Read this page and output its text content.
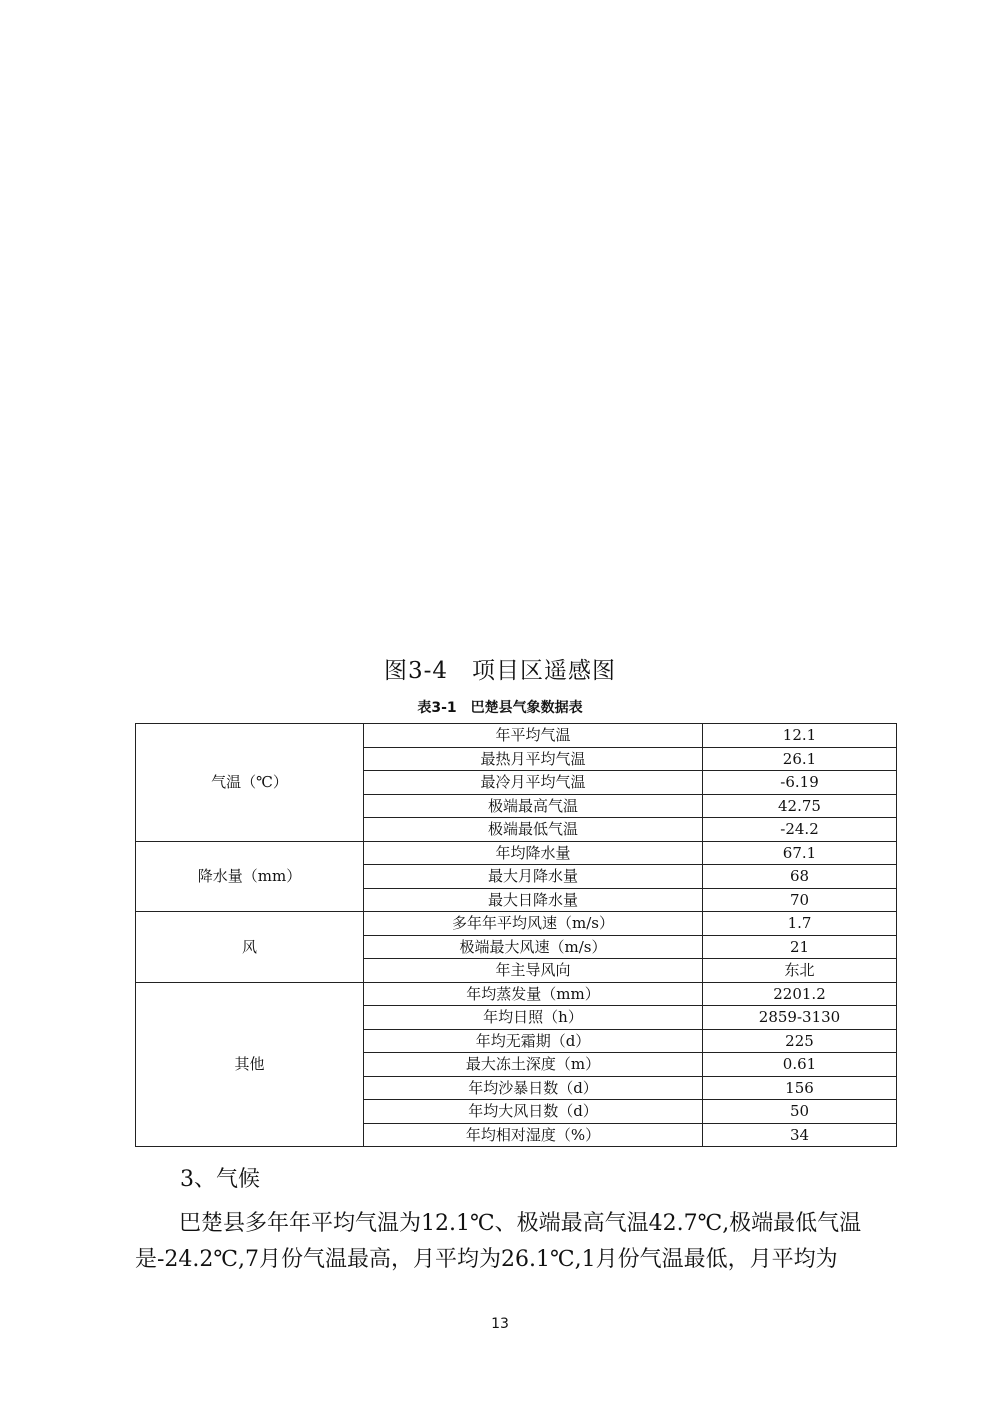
图3-4　项目区遥感图
表3-1　巴楚县气象数据表
气温（℃）	年平均气温	12.1
	最热月平均气温	26.1
	最冷月平均气温	-6.19
	极端最高气温	42.75
	极端最低气温	-24.2
降水量（mm）	年均降水量	67.1
	最大月降水量	68
	最大日降水量	70
风	多年年平均风速（m/s）	1.7
	极端最大风速（m/s）	21
	年主导风向	东北
其他	年均蒸发量（mm）	2201.2
	年均日照（h）	2859-3130
	年均无霜期（d）	225
	最大冻土深度（m）	0.61
	年均沙暴日数（d）	156
	年均大风日数（d）	50
	年均相对湿度（%）	34
3、气候
巴楚县多年年平均气温为12.1℃、极端最高气温42.7℃,极端最低气温
是-24.2℃,7月份气温最高，月平均为26.1℃,1月份气温最低，月平均为
13
